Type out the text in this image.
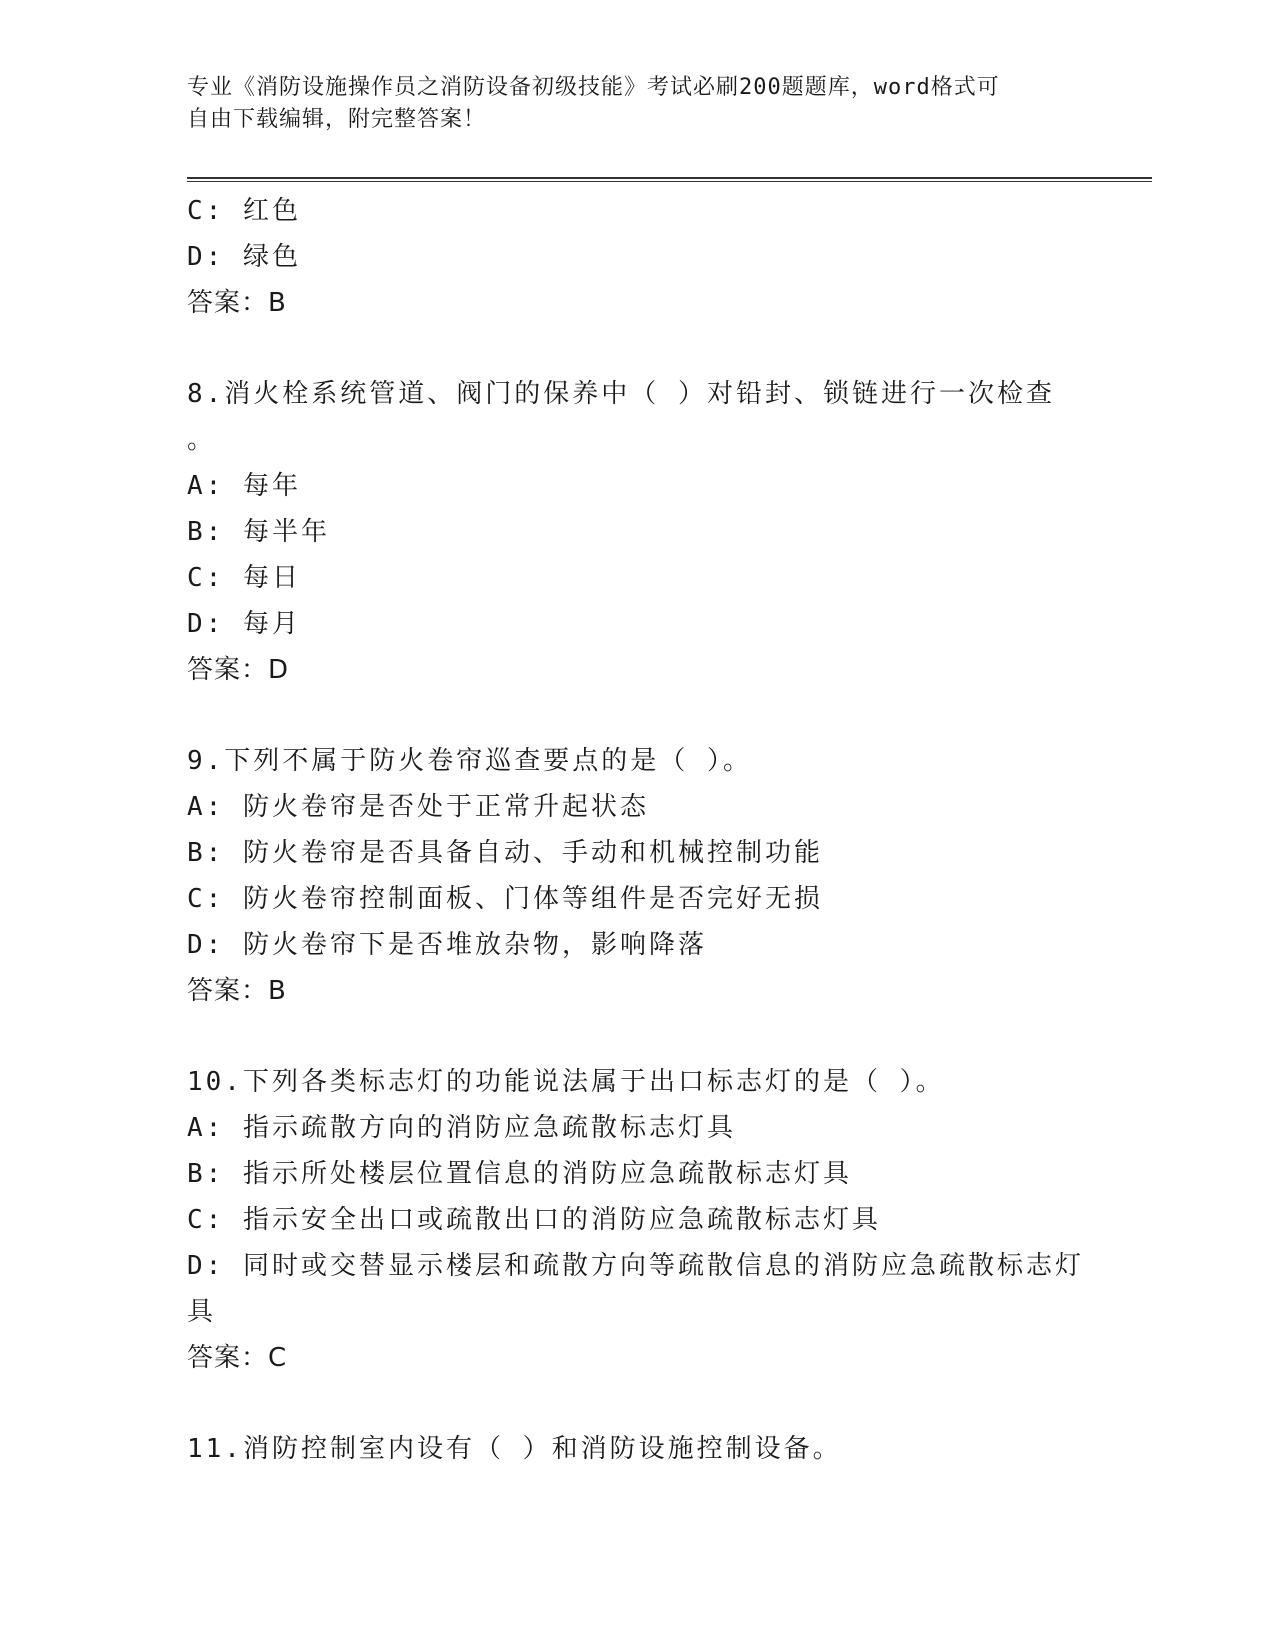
专业《消防设施操作员之消防设备初级技能》考试必刷200题题库，word格式可
自由下载编辑，附完整答案！
C: 红色
D: 绿色
答案：B
8.消火栓系统管道、阀门的保养中（ ）对铅封、锁链进行一次检查
。
A: 每年
B: 每半年
C: 每日
D: 每月
答案：D
9.下列不属于防火卷帘巡查要点的是（ ）。
A: 防火卷帘是否处于正常升起状态
B: 防火卷帘是否具备自动、手动和机械控制功能
C: 防火卷帘控制面板、门体等组件是否完好无损
D: 防火卷帘下是否堆放杂物，影响降落
答案：B
10.下列各类标志灯的功能说法属于出口标志灯的是（ ）。
A: 指示疏散方向的消防应急疏散标志灯具
B: 指示所处楼层位置信息的消防应急疏散标志灯具
C: 指示安全出口或疏散出口的消防应急疏散标志灯具
D: 同时或交替显示楼层和疏散方向等疏散信息的消防应急疏散标志灯
具
答案：C
11.消防控制室内设有（ ）和消防设施控制设备。
